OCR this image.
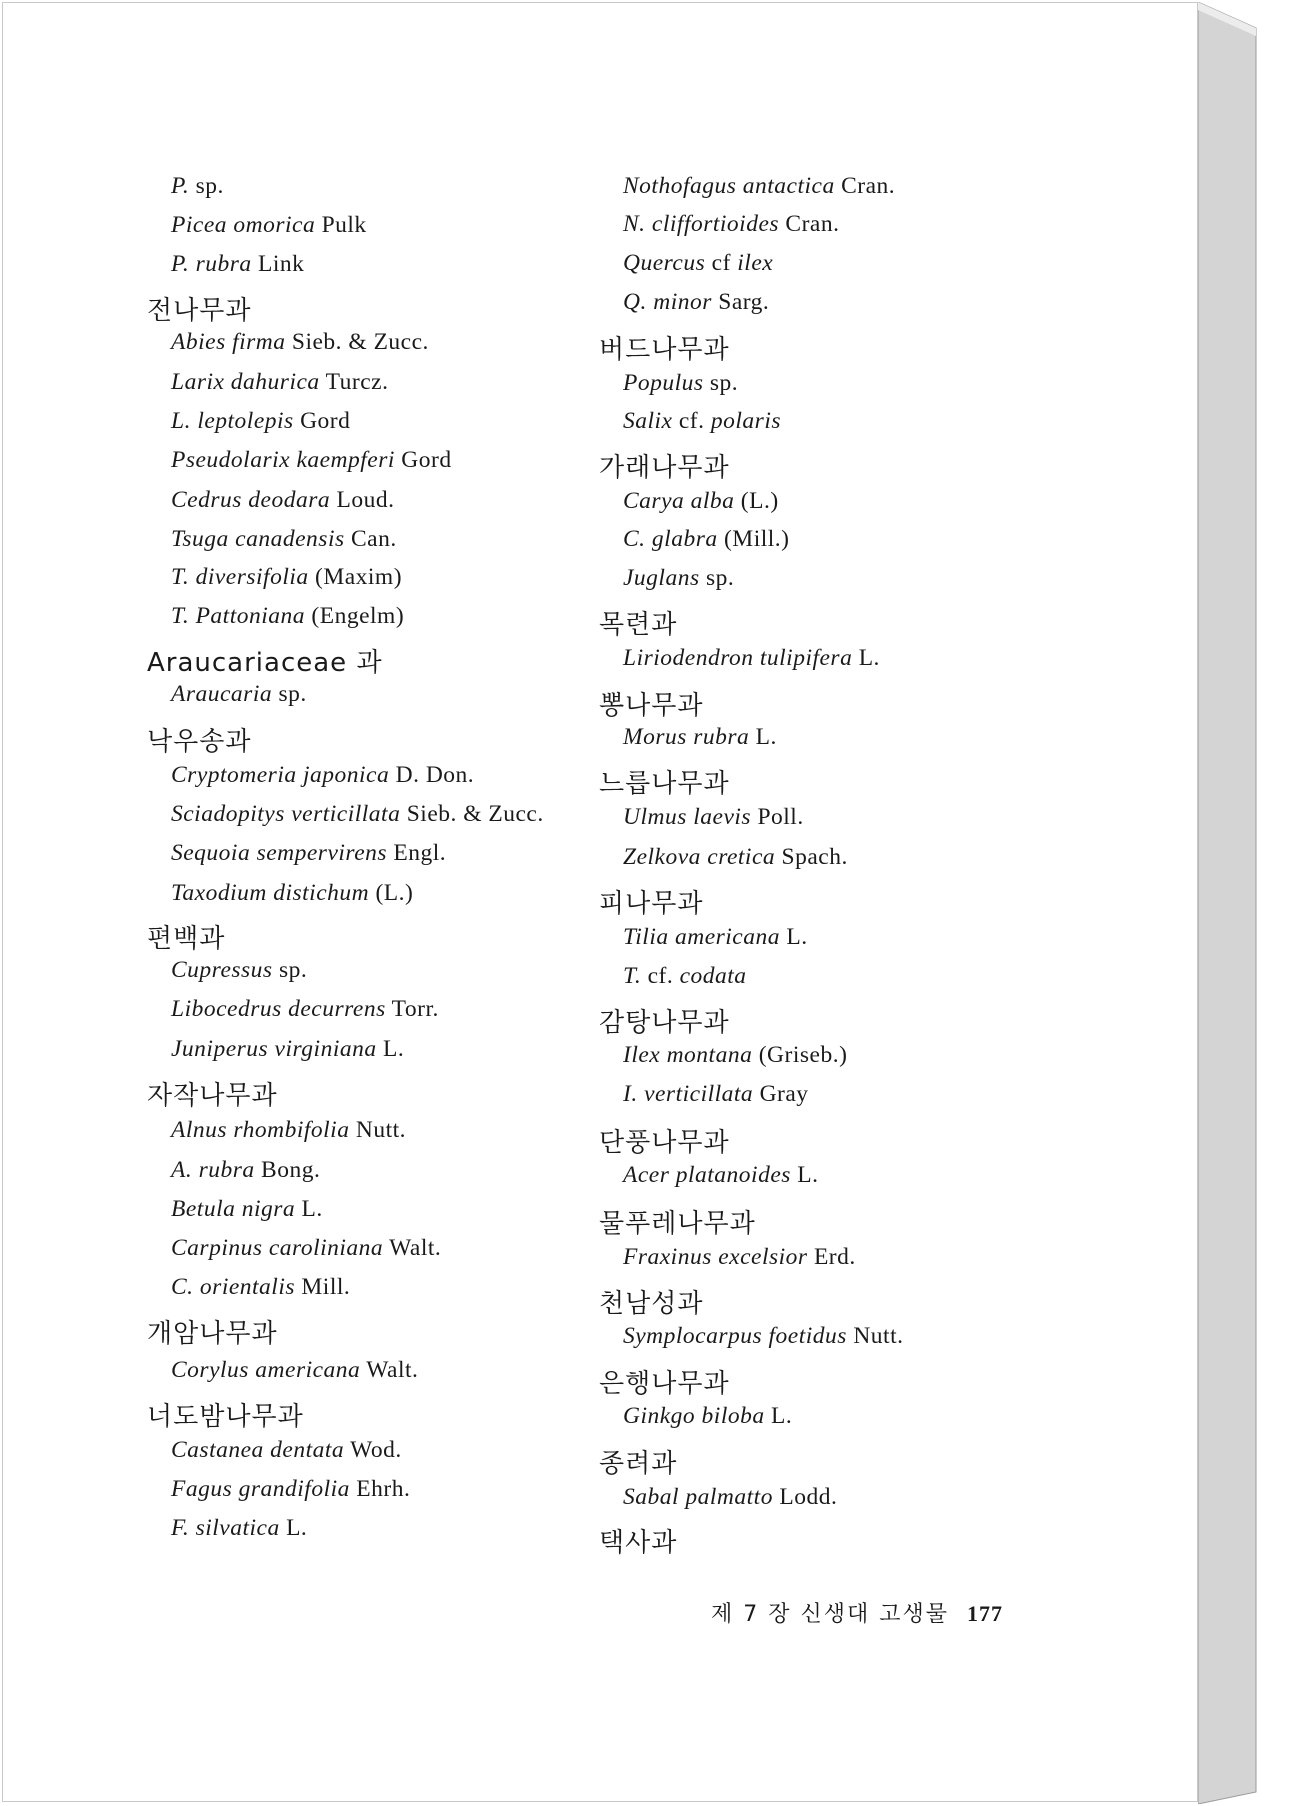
P. sp.
Picea omorica Pulk
P. rubra Link
전나무과
Abies firma Sieb. & Zucc.
Larix dahurica Turcz.
L. leptolepis Gord
Pseudolarix kaempferi Gord
Cedrus deodara Loud.
Tsuga canadensis Can.
T. diversifolia (Maxim)
T. Pattoniana (Engelm)
Araucariaceae 과
Araucaria sp.
낙우송과
Cryptomeria japonica D. Don.
Sciadopitys verticillata Sieb. & Zucc.
Sequoia sempervirens Engl.
Taxodium distichum (L.)
편백과
Cupressus sp.
Libocedrus decurrens Torr.
Juniperus virginiana L.
자작나무과
Alnus rhombifolia Nutt.
A. rubra Bong.
Betula nigra L.
Carpinus caroliniana Walt.
C. orientalis Mill.
개암나무과
Corylus americana Walt.
너도밤나무과
Castanea dentata Wod.
Fagus grandifolia Ehrh.
F. silvatica L.
Nothofagus antactica Cran.
N. cliffortioides Cran.
Quercus cf ilex
Q. minor Sarg.
버드나무과
Populus sp.
Salix cf. polaris
가래나무과
Carya alba (L.)
C. glabra (Mill.)
Juglans sp.
목련과
Liriodendron tulipifera L.
뽕나무과
Morus rubra L.
느릅나무과
Ulmus laevis Poll.
Zelkova cretica Spach.
피나무과
Tilia americana L.
T. cf. codata
감탕나무과
Ilex montana (Griseb.)
I. verticillata Gray
단풍나무과
Acer platanoides L.
물푸레나무과
Fraxinus excelsior Erd.
천남성과
Symplocarpus foetidus Nutt.
은행나무과
Ginkgo biloba L.
종려과
Sabal palmatto Lodd.
택사과
제 7 장 신생대 고생물 177
